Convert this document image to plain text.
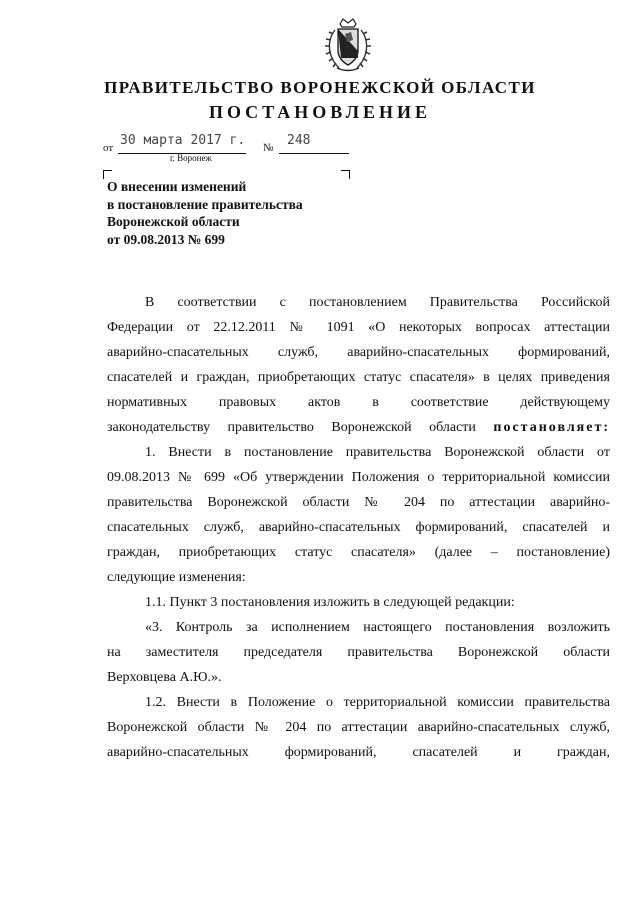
ПРАВИТЕЛЬСТВО ВОРОНЕЖСКОЙ ОБЛАСТИ
ПОСТАНОВЛЕНИЕ
от 30 марта 2017 г. № 248
г. Воронеж
О внесении изменений
в постановление правительства
Воронежской области
от 09.08.2013 № 699
В соответствии с постановлением Правительства Российской
Федерации от 22.12.2011 № 1091 «О некоторых вопросах аттестации
аварийно-спасательных служб, аварийно-спасательных формирований,
спасателей и граждан, приобретающих статус спасателя» в целях приведения
нормативных правовых актов в соответствие действующему
законодательству правительство Воронежской области постановляет:
1. Внести в постановление правительства Воронежской области от
09.08.2013 № 699 «Об утверждении Положения о территориальной комиссии
правительства Воронежской области № 204 по аттестации аварийно-
спасательных служб, аварийно-спасательных формирований, спасателей и
граждан, приобретающих статус спасателя» (далее – постановление)
следующие изменения:
1.1. Пункт 3 постановления изложить в следующей редакции:
«3. Контроль за исполнением настоящего постановления возложить
на заместителя председателя правительства Воронежской области
Верховцева А.Ю.».
1.2. Внести в Положение о территориальной комиссии правительства
Воронежской области № 204 по аттестации аварийно-спасательных служб,
аварийно-спасательных формирований, спасателей и граждан,
